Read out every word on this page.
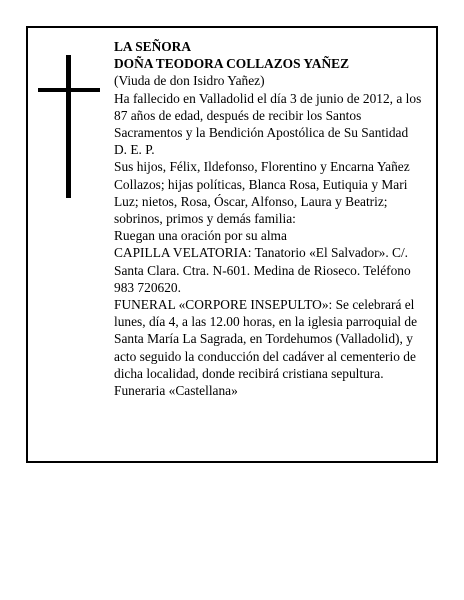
LA SEÑORA

DOÑA TEODORA COLLAZOS YAÑEZ

(Viuda de don Isidro Yañez)

Ha fallecido en Valladolid el día 3 de junio de 2012, a los 87 años de edad, después de recibir los Santos Sacramentos y la Bendición Apostólica de Su Santidad

D. E. P.

Sus hijos, Félix, Ildefonso, Florentino y Encarna Yañez Collazos; hijas políticas, Blanca Rosa, Eutiquia y Mari Luz; nietos, Rosa, Óscar, Alfonso, Laura y Beatriz; sobrinos, primos y demás familia:

Ruegan una oración por su alma

CAPILLA VELATORIA: Tanatorio «El Salvador». C/. Santa Clara. Ctra. N-601. Medina de Rioseco. Teléfono 983 720620.

FUNERAL «CORPORE INSEPULTO»: Se celebrará el lunes, día 4, a las 12.00 horas, en la iglesia parroquial de Santa María La Sagrada, en Tordehumos (Valladolid), y acto seguido la conducción del cadáver al cementerio de dicha localidad, donde recibirá cristiana sepultura.

Funeraria «Castellana»
